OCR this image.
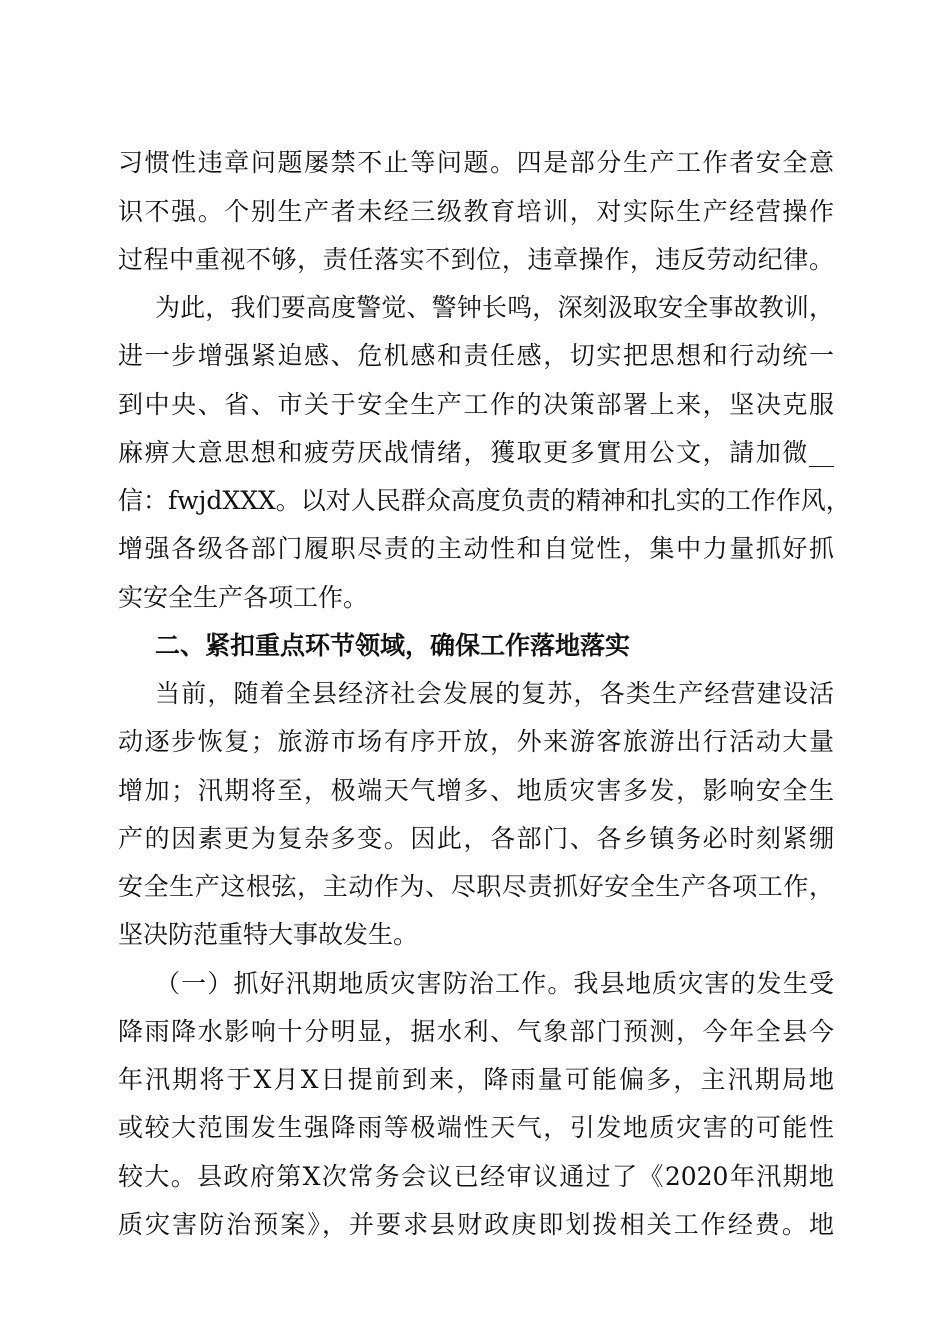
习惯性违章问题屡禁不止等问题。四是部分生产工作者安全意
识不强。个别生产者未经三级教育培训，对实际生产经营操作
过程中重视不够，责任落实不到位，违章操作，违反劳动纪律。
为此，我们要高度警觉、警钟长鸣，深刻汲取安全事故教训，
进一步增强紧迫感、危机感和责任感，切实把思想和行动统一
到中央、省、市关于安全生产工作的决策部署上来，坚决克服
麻痹大意思想和疲劳厌战情绪，獲取更多實用公文，請加微__
信：fwjdXXX。以对人民群众高度负责的精神和扎实的工作作风，
增强各级各部门履职尽责的主动性和自觉性，集中力量抓好抓
实安全生产各项工作。
二、紧扣重点环节领域，确保工作落地落实
当前，随着全县经济社会发展的复苏，各类生产经营建设活
动逐步恢复；旅游市场有序开放，外来游客旅游出行活动大量
增加；汛期将至，极端天气增多、地质灾害多发，影响安全生
产的因素更为复杂多变。因此，各部门、各乡镇务必时刻紧绷
安全生产这根弦，主动作为、尽职尽责抓好安全生产各项工作，
坚决防范重特大事故发生。
（一）抓好汛期地质灾害防治工作。我县地质灾害的发生受
降雨降水影响十分明显，据水利、气象部门预测，今年全县今
年汛期将于X月X日提前到来，降雨量可能偏多，主汛期局地
或较大范围发生强降雨等极端性天气，引发地质灾害的可能性
较大。县政府第X次常务会议已经审议通过了《2020年汛期地
质灾害防治预案》，并要求县财政庚即划拨相关工作经费。地
